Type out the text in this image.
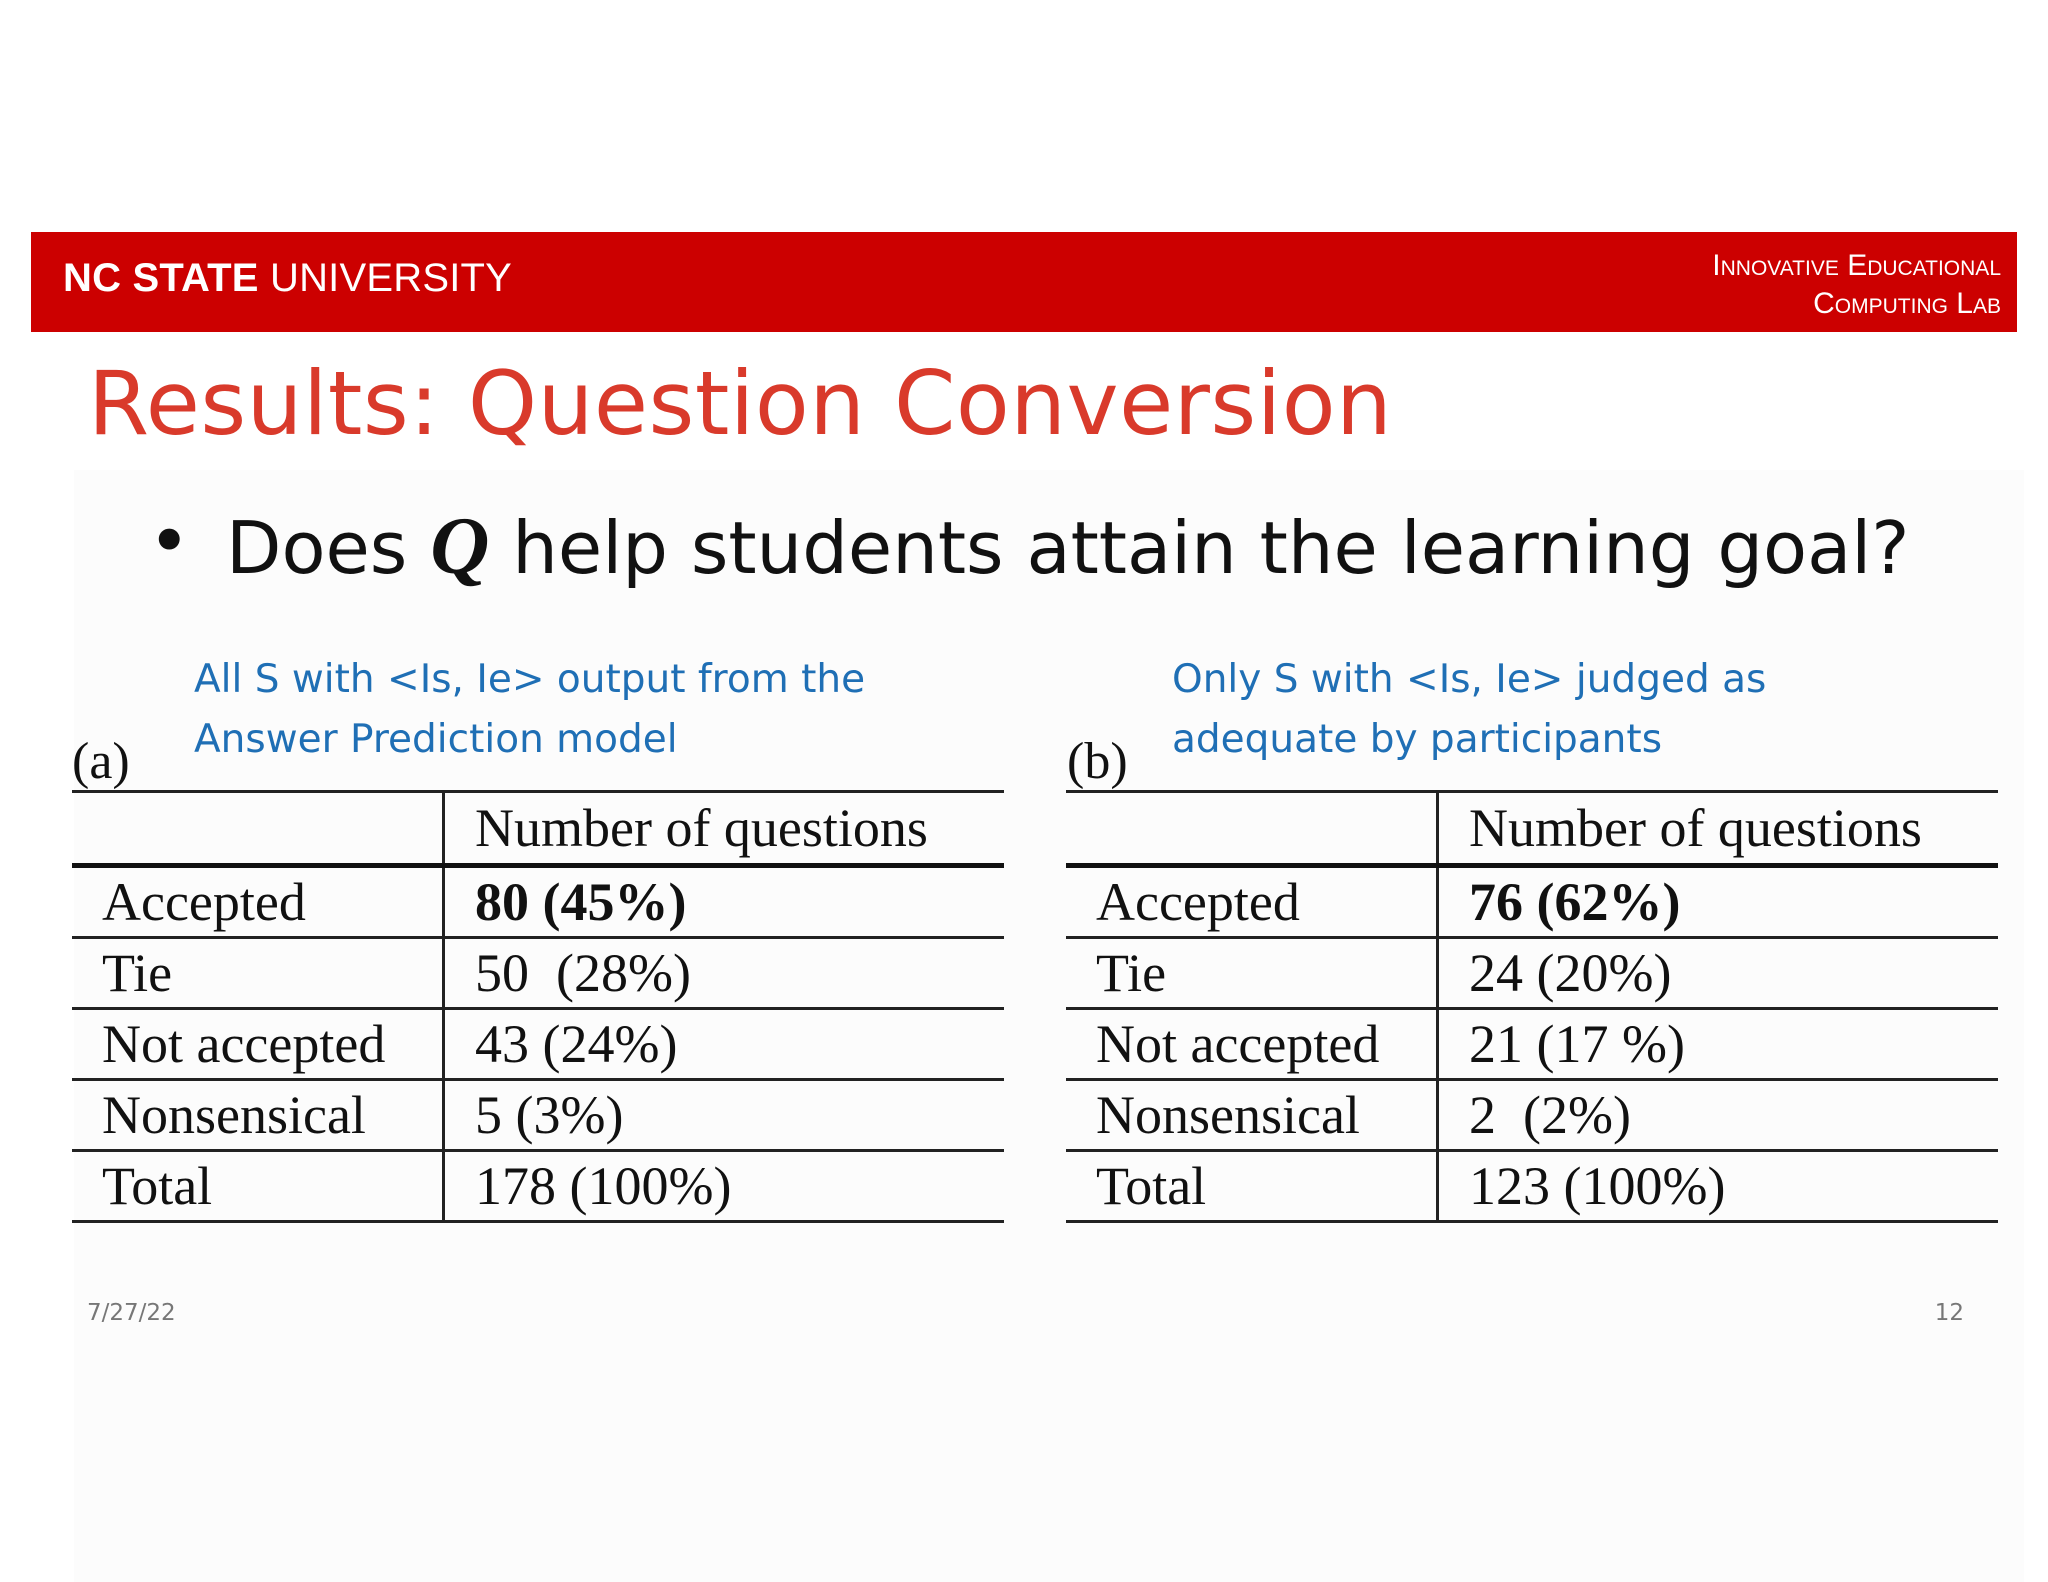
NC STATE UNIVERSITY	Innovative Educational
Computing Lab
Results: Question Conversion
• Does Q help students attain the learning goal?
All S with <Is, Ie> output from the
Answer Prediction model
Only S with <Is, Ie> judged as
adequate by participants
(a)	(b)
	Number of questions
Accepted	80 (45%)
Tie	50  (28%)
Not accepted	43 (24%)
Nonsensical	5 (3%)
Total	178 (100%)
	Number of questions
Accepted	76 (62%)
Tie	24 (20%)
Not accepted	21 (17 %)
Nonsensical	2  (2%)
Total	123 (100%)
7/27/22	12
